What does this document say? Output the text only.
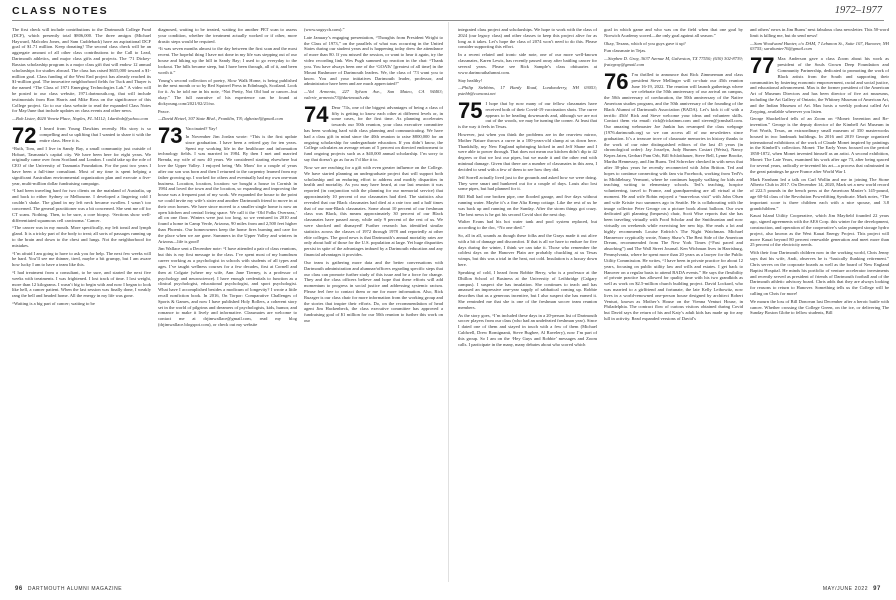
CLASS NOTES	1972–1977

The first check will include contributions to the Dartmouth College Fund (DCF), which presently total $806,000. The three amigos (Michael Hayward, Malcolm Jones, and Sam Cuddeback) have an aspirational DCF goal of $1.71 million. Keep donating! The second class check will be an aggregate amount of all other class contributions to the Call to Lead, Dartmouth athletics, and major class gifts and projects. The ’71 Dickey-Rassias scholarship program is a major class gift that will endow 12 annual scholarships for studies abroad. The class has raised $655,000 toward a $1-million goal. Class funding of the West End project has already reached its $1-million goal. The innovative neighborhood fields for Tuck and Thayer is the named “The Class of 1971 Emerging Technologies Lab.” A video will be posted to our class website, 1971.dartmouth.org, that will include testimonials from Ron Harris and Mike Ross on the significance of this College project. Go to our class website to read the expanded Class Notes for May/June that include updates on class events and other news.

—Bob Lister, 4020 Venetz Place, Naples, FL 34112; 1dartbob@yahoo.com

72 I heard from Young Dawkins recently. His story is so compelling and so uplifting that I wanted to share it with the entire class. Here it is.

“Ruth, Tom, and I live in Sandy Bay, a small community just outside of Hobart, Tasmania’s capital city. We have been here for eight years. We originally came over from Scotland and London. I could take up the role of CEO of the University of Tasmania Foundation. For the past two years I have been a full-time consultant. Most of my time is spent helping a significant Australian environmental organization plan and execute a five-year, multi-million dollar fundraising campaign.

“I had been traveling hard for two clients on the mainland of Australia, up and back to either Sydney or Melbourne. I developed a lingering cold I couldn’t shake. The gland in my left neck became swollen. I wasn’t too concerned. The general practitioner was a bit concerned. She sent me off for CT scans. Nothing. Then, to be sure, a core biopsy. ‘Sections show well-differentiated squamous cell carcinoma.’ Cancer.

“The cancer was in my mouth. More specifically, my left tonsil and lymph gland. It is a tricky part of the body to treat; all sorts of passages running up to the brain and down to the chest and lungs. Not the neighborhood for mistakes.

“I’m afraid I am going to have to ask you for help. The next few weeks will be hard. You’ll see me thinner, tired, maybe a bit grumpy, but I am aware how lucky I am to have a team like this.

“I had treatment from a consultant, to be sure, and started the next five weeks with treatments. I was frightened. I lost track of time. I lost weight, more than 12 kilograms. I wasn’t big to begin with and now I began to look like hell, a cancer patient. When the last session was finally done, I weakly rang the bell and headed home. All the energy in my life was gone.

“Waiting is a big part of cancer; waiting to be

diagnosed, waiting to be treated, waiting for another PET scan to assess your condition, whether the treatment actually worked or if other, more drastic steps would be required.

“It was seven months almost to the day between the first scan and the most recent. The hopeful thing I have not done in my life was stepping out of our house and hiking up the hill in Sandy Bay; I used to go everyday to the lookout. The hills became steep, but I have been through, all of it, and been worth it.”

Young’s second collection of poetry, Slow Walk Home, is being published in the next month or so by Red Squirrel Press in Edinburgh, Scotland. Look for it. As he told me in his note, “Not Pretty, Not Old bad or cancer...but okay.” The full narrative of his experience can be found at dickyoung.com/2021/02/21/no.

Peace.

—David Hetzel, 307 State Blvd., Franklin, TN; dghetzel@gmail.com

73 Vaccinated? Yay!

In November Jim Jordan wrote: “This is the first update since graduation. I have been a retired guy for ten years. Spent my working life in the healthcare and information technology fields. I was married in 1984. By then I met and married Brenda, my wife of now 40 years. We considered starting elsewhere but love the Upper Valley. I enjoyed being ‘Mr. Mom’ for a couple of years after our son was born and then I returned to the carpentry learned from my father growing up. I worked for others and eventually had my own one-man business. Location, location, location: we bought a house in Cornish in 1984 and loved the town and the location, so expanding and improving the house was a frequent part of my work. We expanded the house to the point we could invite my wife’s sister and another Dartmouth friend to move in at their own homes. We have since moved to a smaller single home is now an open kitchen and central living space. We call it the ‘Old Folks Overseas,’ all on one floor. Winters were just too long, so we ventured in 2010 and found a home in Camp Verde, Arizona, 90 miles from and 2,500 feet higher than Phoenix. Our homeowners keep the home fires burning and care for the place when we are gone. Summers in the Upper Valley and winters in Arizona—life is good!

Jim Wallace sent a December note: “I have attended a pair of class reunions, but this is my first message to the class. I’ve spent most of my humdrum career working as a psychologist in schools with students of all types and ages. I’ve taught wellness courses for a few decades, first at Cornell and then at Colgate (where my wife, Ann Jane Tierney, is a professor of psychology and neuroscience). I have enough credentials to function as a clinical psychologist, educational psychologist, and sport psychologist. What have I accomplished besides a modicum of longevity? I wrote a little recall nonfiction book. In 2016, On Torpor: Comparative Challenges of Sports & Games, and now I have published Holy Rollers, a coherent story set in the world of pilgrims and dreamers of psychologists, kids, humor, and romance to make it lively and informative. Classmates are welcome to contact me at drjimwallace@gmail.com, read my blog (drjimwallace.blogspot.com), or check out my website

(www.sogsych.com).”

Late January’s engaging presentation, “Thoughts from President Wright to the Class of 1973,” on the parallels of what was occurring in the United States during our student years and is happening today drew the attendance of more than 80. If you missed the session, or want to hear it again, try the video recording link. Wes Pugh summed up reaction in the chat: “Thank you. You have always been one of the ‘GOATs’ [greatest of all time] in the Mount Rushmore of Dartmouth leaders. We, the class of ’73 want you to know. You and your initiatives Dartmouth leader, professor, and administrator have been and are much appreciated!”

—Val Armento, 227 Sylvan Ave., San Mateo, CA 94403; valerie_armento73@dartmouth.edu

74 Dear ’74s, one of the biggest advantages of being a class of fifty is getting to know each other at different levels or, in some cases, for the first time. As planning accelerates towards our 50th reunion, your class executive committee has been working hard with class planning and communicating. We have had a class gift in mind since the 40th reunion to raise $800,000 for an ongoing scholarship for undergraduate education. If you didn’t know, the College calculates an average return of 5 percent on directed endowment to fund ongoing projects such as a $40,000 annual scholarship. I’m sorry to say that doesn’t go as far as I’d like it to.

Now we are reaching for a gift with even greater influence on the College. We have started planning an undergraduate project that will support both scholarship and an enduring effort to address and modify disparities in health and mortality. As you may have heard, at our last reunion it was reported (in conjunction with the planning for our memorial service) that approximately 10 percent of our classmates had died. The statistics also revealed that our Black classmates had died at a rate two and a half times that of our non-Black classmates. Some about 10 percent of our freshman class was Black, this means approximately 30 percent of our Black classmates have passed away, while only 9 percent of the rest of us. We were shocked and dismayed! Further research has identified similar statistics across the classes of 1972 through 1978 and reportedly at other elite colleges. The good news is that Dartmouth’s annual mortality rates are only about half of those for the U.S. population at large. Yet huge disparities persist in spite of the advantages imbued by a Dartmouth education and any financial advantages it provides.

Our team is gathering more data and the better conversations with Dartmouth administration and alumnae/officers regarding specific steps that our class can promote further study of this issue and be a force for change. They and the class officers believe and hope that these efforts will add momentum to progress in social justice and addressing systemic racism. Please feel free to contact them or me for more information. Also, Rick Ruzzger is our class chair for more information from the working group and the stories that inspire their efforts. Do, on the recommendation of head agent Jim Hackenbeck, the class executive committee has approved a fundraising goal of $1 million for our 50th reunion to further this work on our

integrated class project and scholarships. We hope to work with the class of 2024 (our legacy class) and other classes to keep this project alive for as long as it takes. Let’s hope the class of 2074 won’t need to do this. Please consider supporting this effort.

In a recent related and ironic side note, one of our more well-known classmates, Karen Lewis, has recently passed away after battling cancer for several years. Please see Rick Sample’s class obituaries at www.dartmouthalumni.com.

Stay healthy!

—Philip Stebbins, 17 Hardy Road, Londonderry, NH 03053; pstebb@comcast.net

75 I hope that by now many of our fellow classmates have received both of their Covid-19 vaccination shots. The curve appears to be heading downwards and, although we are not out of the woods, we may be turning the corner. At least that is the way it feels in Texas.

However, just when you think the problems are in the rearview mirror, Mother Nature throws a curve in a 100-years-old slump at us down here. Thankfully, my New England upbringing kicked in and Jeff Shane and I were able to power through. That does not mean our kitchen didn’t dip to 42 degrees or that we lost our pipes, but we made it and the other end with minimal damage. Given that there are a number of classmates in this area, I decided to send with a few of them to see how they did.

Jeff Sorrell actually lived just to the grounds and asked how we were doing. They were smart and hunkered out for a couple of days. Louis also lost some pipes, but had planned for it.

Bill Hall had one broken pipe, one flooded garage, and five days without running water. Maybe it’s a fine Alta Kemp cottage. Like the rest of us he was back up and running on the Sunday. After the storm things got crazy. The best news is he got his second Covid shot the next day.

Walter Evans had his hot water tank and pool system replaced, but according to the doc, “No one died.”

So, all in all, sounds as though these folks and the Grays made it out alive with a bit of damage and discomfort. If that is all we have to endure for five days during the winter, I think we can take it. Those who remember the coldest days on the Hanover Plain are probably chuckling at us Texas wimps, but this was a trial in the heat, not cold. Insulation is a luxury down here.

Speaking of cold, I heard from Robbie Berry, who is a professor at the Dhillon School of Business at the University of Lethbridge (Calgary campus). I suspect she has insulation. She continues to teach and has amassed an impressive one-year supply of sabbatical coming up. Robbie describes that as a generous incentive, but I also suspect she has earned it. She reminded me that she is one of the freshman soccer team reunion members.

As the story goes, “I’m included these days in a 20-person list of Dartmouth soccer players from our class (who had an undefeated freshman year). Since I dated one of them and stayed in touch with a few of them (Michael Caldwell, Drew Romignanti, Steve Bugbee, Al Ravelery), now I’m part of this group. So I am on the ‘Hey Guys and Robbie’ messages and Zoom calls. I participate in the many, many debates about who scored which

goal in which game and who was on the field when that one goal by Norwich Academy scored—the only goal against all season.”

Okay, Texans, which of you guys gave it up?

Fun classmate in Tejas.

—Stephen D. Gray, 3637 Avenue M, Galveston, TX 77550; (630) 302-8739; frategray@gmail.com

76 I’m thrilled to announce that Rick Zimmerman and class president Steve Mellinger will co-chair our 45th reunion June 16-19, 2022. The reunion will launch gatherings where we celebrate the 50th anniversary of our arrival on campus, the 50th anniversary of coeducation, the 50th anniversary of the Native American studies program, and the 50th anniversary of the founding of the Black Alumni of Dartmouth Association (BADA). Let’s kick it off with a terrific 45th! Rick and Steve welcome your ideas and volunteer skills. Contact them via email: rick@rickzimm.com and steven@jcmshall.com. Our amazing webmaster Joe Junkin has revamped the class webpage (1976.dartmouth.org) so we can access all of our newsletters since graduation. It’s a treasure trove of classmate memories in history thanks to the work of our nine distinguished editors of the last 45 years (in chronological order): Jay Josselyn, Judy Bunnes Costart (Weiss), Nancy Kepes Jaten, Gerhart Pam Orb, Bill Schlotthauer, Steve Bell, Lynne Brooke, Martha Hennessey, and Jim Burns. Ted Schrecker checked in with news that after 30-plus years he recently reconnected with John Britton. Ted and hopes to continue connecting with fam via Facebook, working from TedVs in Middlebury, Vermont, where he continues happily walking for kids and teaching writing to elementary schools. Ted’s teaching, hospice volunteering, travel to France, and grandparenting are all virtual at the moment. He and wife Robin enjoyed a “marvelous visit” with John Olsen and wife Kristie two summers ago in Seattle. He is collaborating with the image collector Peter George on a picture book about balloon. Our own dedicated gift planning (bequests) chair, Scott Wise reports that she has been traveling virtually with Food Scholar and the Smithsonian and now virtually on weekends while exercising her new hip. She reads a lot and highly recommends Louise Erdrich’s The Night Watchman. Michael Hannevorr cryptically wrote, Nancy Shaw’s The Best Side of the American Dream, recommended from The New York Times (“Fast paced and absorbing”) and The Wall Street Journal. Ken Wichman lives in Harrisburg, Pennsylvania, where he spent more than 20 years as a lawyer for the Public Utility Commission. He writes, “I have been in private practice for about 12 years, focusing on public utility law and wills and estates. I get back to Hanover on a regular basis to attend BADA events.” He says the flexibility of private practice has allowed for quality time with his two grandkids as well as work on $2.5-million church building project. David Lockard, who was married to a girlfriend and fortunate, the late Kelly Leibowitz, now lives in a world-renowned one-person house designed by architect Robert Venturi, known as Mother’s House on the Vienna Venturi House, in Philadelphia. The contract flow of curious visitors obtained during Covid but David says the return of his and Katy’s adult kids has made up for any lull in activity. Read expanded versions of David’s

and others’ news in Jim Burns’ next fabulous class newsletter. This 50-word limit is killing me, but do send news!

—Sam Woodward Hunter, c/o DAM, 7 Lebanon St., Suite 107, Hanover, NH 03755; sarahunter76@gmail.com

77 Max Anderson gave a class Zoom about his work as president of the Souls Grown Deep Foundation and Community Partnership, dedicated to promoting the work of Black artists from the South and supporting their communities by fostering economic empowerment, racial and social justice, and educational advancement. Max is the former president of the American Art of Museum Directors and has been director of five art museums, including the Art Gallery of Ontario, the Whitney Museum of American Art, and the Indian Museum of Art. Max hosts a weekly podcast called Art Zoyping, available wherever you listen.

George Shackelford tells of an Zoom on “Monet: Invention and Re-invention.” George is the deputy director of the Kimbell Art Museum in Fort Worth, Texas, an extraordinary small museum of 350 masterworks housed in two landmark buildings. In 2016 and 2019 George organized international exhibitions of the work of Claude Monet inspired by paintings in the Kimbell’s collection. Monet: The Early Years focused on the period 1858-1872, when Monet invented himself as an artist. A second exhibition, Monet: The Late Years, examined his work after age 73, after being spaced for several years, radically re-invented his art—a process that culminated in the great paintings he gave France after World War I.

Mark Farnham led a talk on Carl Wollin and me in joining The Stone Alberto Club in 2017. On December 14, 2020, Mark set a new world record of 222.5 pounds in the bench press at the American Master’s 145-pound, age 60-64 class of the Revolution Powerlifting Syndicate. Mark notes, “The important score is three children each with a nice spouse, and 3.8 grandchildren.”

Kauai Island Utility Cooperative, which Jim Mayfield founded 22 years ago, signed agreements with the AES Corp. this winter for the development, construction, and operation of the cooperative’s solar pumped storage hydro project, also known as the West Kauai Energy Project. This project will move Kauai beyond 80 percent renewable generation and meet more than 25 percent of the electricity needs.

With their four Dartmouth children now in the working world, Chris Jenny says that his wife, Andi, observes he is “basically flunking retirement.” Chris serves on the corporate boards as well as the board of New England Baptist Hospital. He minds his portfolio of venture accelerator investments and recently served as president of friends of Dartmouth football and of the Dartmouth athletic advisory board. Chris adds that they are always looking for reasons to return to Hanover. Something tells us the College will be calling on Chris for more!

We mourn the loss of Bill Donovan last December after a heroic battle with cancer. Whether crossing the College Green, on the ice, or delivering The Sunday Boston Globe to fellow students, Bill

96 DARTMOUTH ALUMNI MAGAZINE	MAY/JUNE 2022 97
